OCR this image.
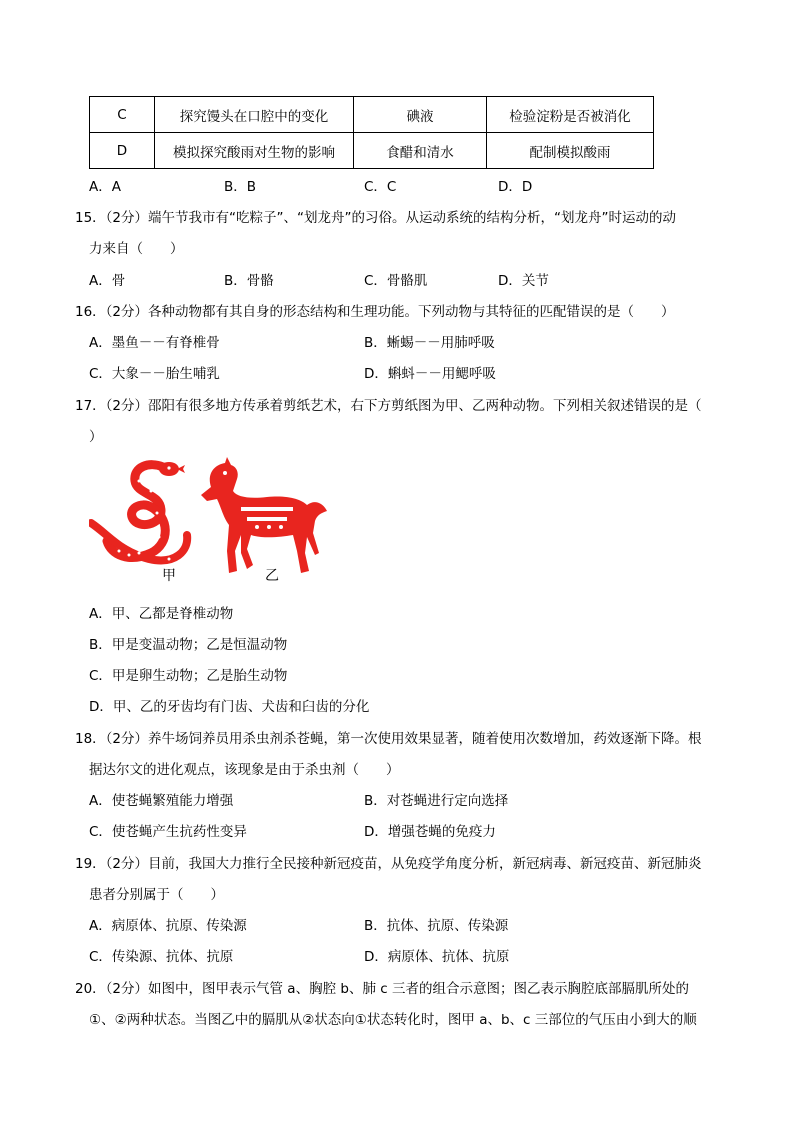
C	探究馒头在口腔中的变化	碘液	检验淀粉是否被消化
D	模拟探究酸雨对生物的影响	食醋和清水	配制模拟酸雨
A．A	B．B	C．C	D．D
15．（2分）端午节我市有“吃粽子”、“划龙舟”的习俗。从运动系统的结构分析，“划龙舟”时运动的动
力来自（　　）
A．骨	B．骨骼	C．骨骼肌	D．关节
16．（2分）各种动物都有其自身的形态结构和生理功能。下列动物与其特征的匹配错误的是（　　）
A．墨鱼－－有脊椎骨	B．蜥蜴－－用肺呼吸
C．大象－－胎生哺乳	D．蝌蚪－－用鳃呼吸
17．（2分）邵阳有很多地方传承着剪纸艺术，右下方剪纸图为甲、乙两种动物。下列相关叙述错误的是（
）
甲	乙
A．甲、乙都是脊椎动物
B．甲是变温动物；乙是恒温动物
C．甲是卵生动物；乙是胎生动物
D．甲、乙的牙齿均有门齿、犬齿和臼齿的分化
18．（2分）养牛场饲养员用杀虫剂杀苍蝇，第一次使用效果显著，随着使用次数增加，药效逐渐下降。根
据达尔文的进化观点，该现象是由于杀虫剂（　　）
A．使苍蝇繁殖能力增强	B．对苍蝇进行定向选择
C．使苍蝇产生抗药性变异	D．增强苍蝇的免疫力
19．（2分）目前，我国大力推行全民接种新冠疫苗，从免疫学角度分析，新冠病毒、新冠疫苗、新冠肺炎
患者分别属于（　　）
A．病原体、抗原、传染源	B．抗体、抗原、传染源
C．传染源、抗体、抗原	D．病原体、抗体、抗原
20．（2分）如图中，图甲表示气管 a、胸腔 b、肺 c 三者的组合示意图；图乙表示胸腔底部膈肌所处的
①、②两种状态。当图乙中的膈肌从②状态向①状态转化时，图甲 a、b、c 三部位的气压由小到大的顺
